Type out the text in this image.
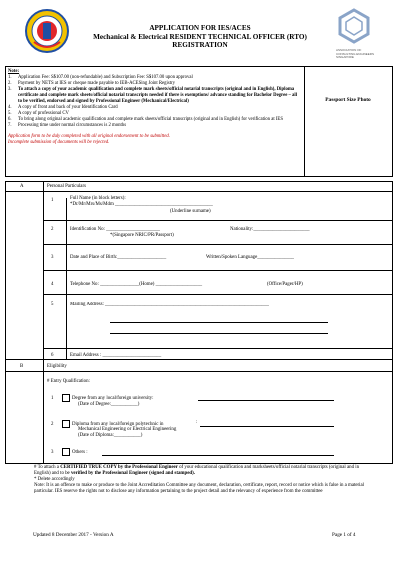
ASSOCIATION OF
CONSULTING ENGINEERS
SINGAPORE
APPLICATION FOR IES/ACES
Mechanical & Electrical RESIDENT TECHNICAL OFFICER (RTO)
REGISTRATION
Note:
1.	Application Fee: S$107.00 (non-refundable) and Subscription Fee: S$107.00 upon approval
2.	Payment by NETS at IES or cheque made payable to IEB-ACESing Joint Registry
3.	To attach a copy of your academic qualification and complete mark sheets/official notarial transcripts (original and in English), Diploma certificate and complete mark sheets/official notarial transcripts needed if there is exemptions/ advance standing for Bachelor Degree – all to be verified, endorsed and signed by Professional Engineer (Mechanical/Electrical)
4.	A copy of front and back of your Identification Card
5.	A copy of professional CV
6.	To bring along original academic qualification and complete mark sheets/official transcripts (original and in English) for verification at IES
7.	Processing time under normal circumstances is 2 months
Application form to be duly completed with all original endorsement to be submitted.
Incomplete submission of documents will be rejected.
Passport Size Photo
A	Personal Particulars
1	Full Name (in block letters):
*Dr/Mr/Mrs/Ms/Mdm ________________________________________
(Underline surname)
2	Identification No: ______________________	Nationality:_______________________
*(Singapore NRIC/PR/Passport)
3	Date and Place of Birth:____________________	Written/Spoken Language_______________
4	Telephone No: ________________(Home) ___________________	(Office/Pager/HP)
5	Mailing Address: ___________________________________________________________________
6	Email Address : ________________________
B	Eligibility
# Entry Qualification:
1	Degree from any local/foreign university:
(Date of Degree:___________)
2	Diploma from any local/foreign polytechnic in
Mechanical Engineering or Electrical Engineering
(Date of Diploma:___________)
:
3	Others :
# To attach a CERTIFIED TRUE COPY by the Professional Engineer of your educational qualification and marksheets/official notarial transcripts (original and in English) and to be verified by the Professional Engineer (signed and stamped).
* Delete accordingly
Note: It is an offence to make or produce to the Joint Accreditation Committee any document, declaration, certificate, report, record or notice which is false in a material particular. IES reserve the rights not to disclose any information pertaining to the project detail and the relevancy of experience from the committee
Updated 8 December 2017 - Version A	Page 1 of 4
